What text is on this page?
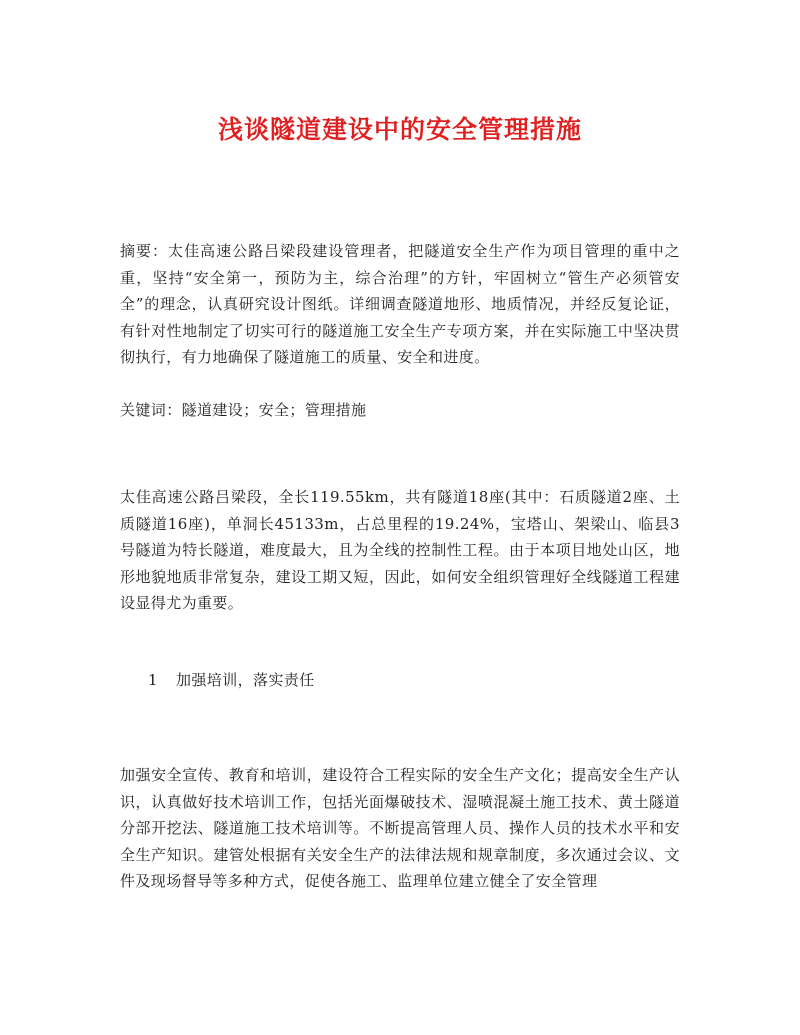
浅谈隧道建设中的安全管理措施

摘要：太佳高速公路吕梁段建设管理者，把隧道安全生产作为项目管理的重中之重，坚持“安全第一，预防为主，综合治理”的方针，牢固树立“管生产必须管安全”的理念，认真研究设计图纸。详细调查隧道地形、地质情况，并经反复论证，有针对性地制定了切实可行的隧道施工安全生产专项方案，并在实际施工中坚决贯彻执行，有力地确保了隧道施工的质量、安全和进度。

关键词：隧道建设；安全；管理措施

太佳高速公路吕梁段，全长119.55km，共有隧道18座(其中：石质隧道2座、土质隧道16座)，单洞长45133m，占总里程的19.24%，宝塔山、架梁山、临县3号隧道为特长隧道，难度最大，且为全线的控制性工程。由于本项目地处山区，地形地貌地质非常复杂，建设工期又短，因此，如何安全组织管理好全线隧道工程建设显得尤为重要。

1 加强培训，落实责任

加强安全宣传、教育和培训，建设符合工程实际的安全生产文化；提高安全生产认识，认真做好技术培训工作，包括光面爆破技术、湿喷混凝土施工技术、黄土隧道分部开挖法、隧道施工技术培训等。不断提高管理人员、操作人员的技术水平和安全生产知识。建管处根据有关安全生产的法律法规和规章制度，多次通过会议、文件及现场督导等多种方式，促使各施工、监理单位建立健全了安全管理
